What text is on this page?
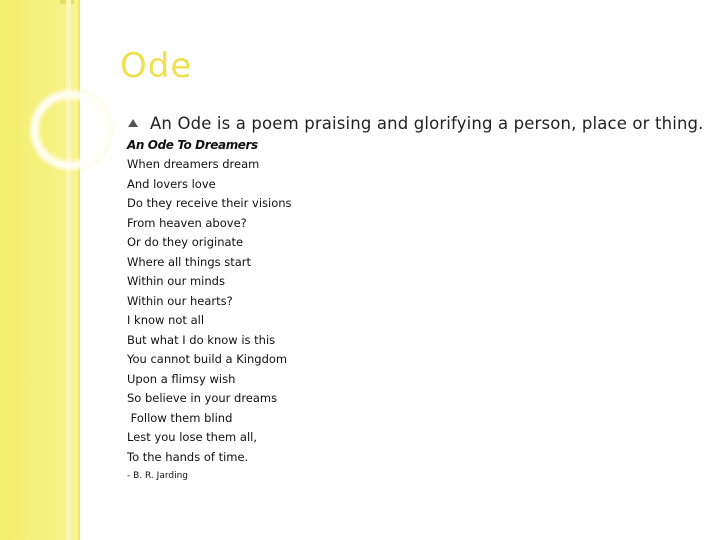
Ode
An Ode is a poem praising and glorifying a person, place or thing.
An Ode To Dreamers
When dreamers dream
And lovers love
Do they receive their visions
From heaven above?
Or do they originate
Where all things start
Within our minds
Within our hearts?
I know not all
But what I do know is this
You cannot build a Kingdom
Upon a flimsy wish
So believe in your dreams
Follow them blind
Lest you lose them all,
To the hands of time.
- B. R. Jarding
